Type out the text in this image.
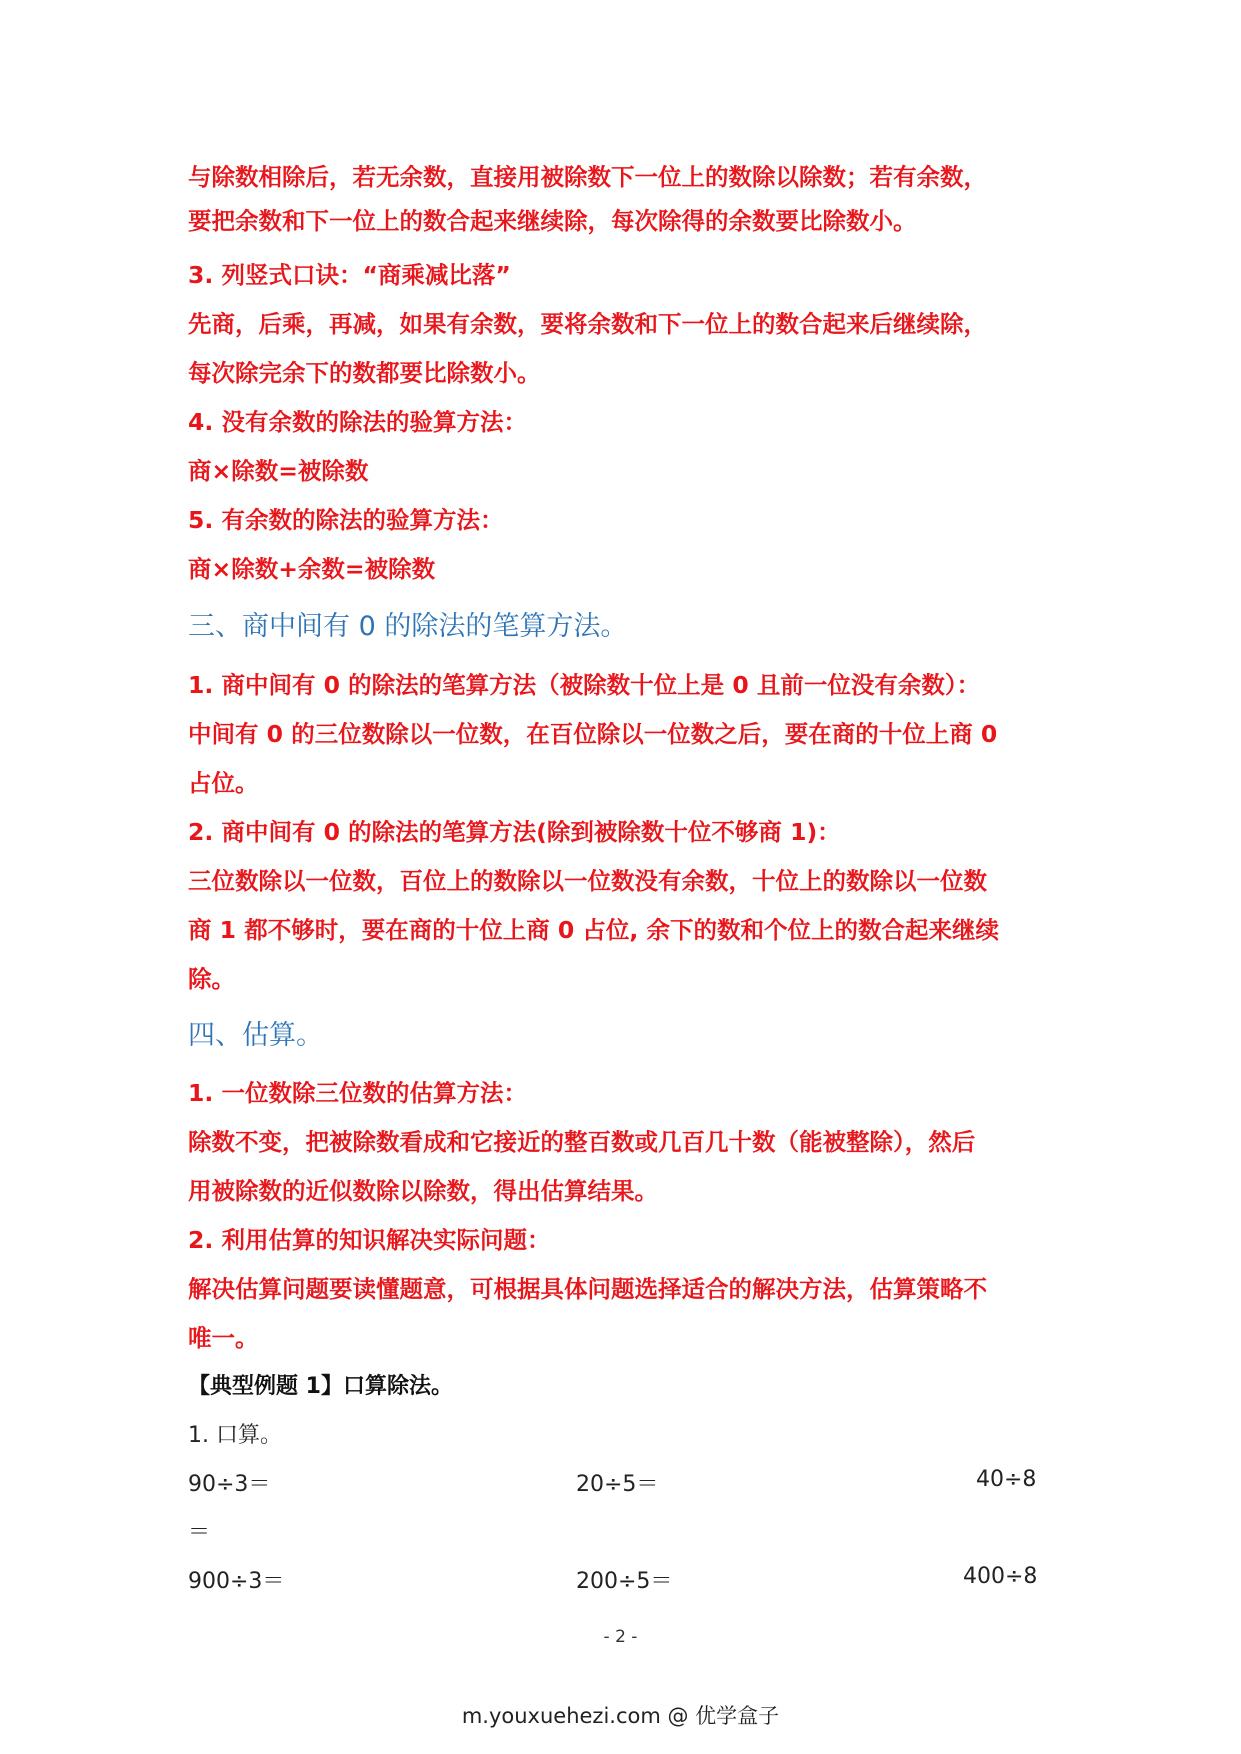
与除数相除后，若无余数，直接用被除数下一位上的数除以除数；若有余数，
要把余数和下一位上的数合起来继续除，每次除得的余数要比除数小。
3. 列竖式口诀：“商乘减比落”
先商，后乘，再减，如果有余数，要将余数和下一位上的数合起来后继续除，
每次除完余下的数都要比除数小。
4. 没有余数的除法的验算方法：
商×除数=被除数
5. 有余数的除法的验算方法：
商×除数+余数=被除数
三、商中间有 0 的除法的笔算方法。
1. 商中间有 0 的除法的笔算方法（被除数十位上是 0 且前一位没有余数）：
中间有 0 的三位数除以一位数，在百位除以一位数之后，要在商的十位上商 0
占位。
2. 商中间有 0 的除法的笔算方法(除到被除数十位不够商 1)：
三位数除以一位数，百位上的数除以一位数没有余数，十位上的数除以一位数
商 1 都不够时，要在商的十位上商 0 占位, 余下的数和个位上的数合起来继续
除。
四、估算。
1. 一位数除三位数的估算方法：
除数不变，把被除数看成和它接近的整百数或几百几十数（能被整除），然后
用被除数的近似数除以除数，得出估算结果。
2. 利用估算的知识解决实际问题：
解决估算问题要读懂题意，可根据具体问题选择适合的解决方法，估算策略不
唯一。
【典型例题 1】口算除法。
1. 口算。
90÷3＝	20÷5＝	40÷8
＝
900÷3＝	200÷5＝	400÷8
- 2 -
m.youxuehezi.com @ 优学盒子
